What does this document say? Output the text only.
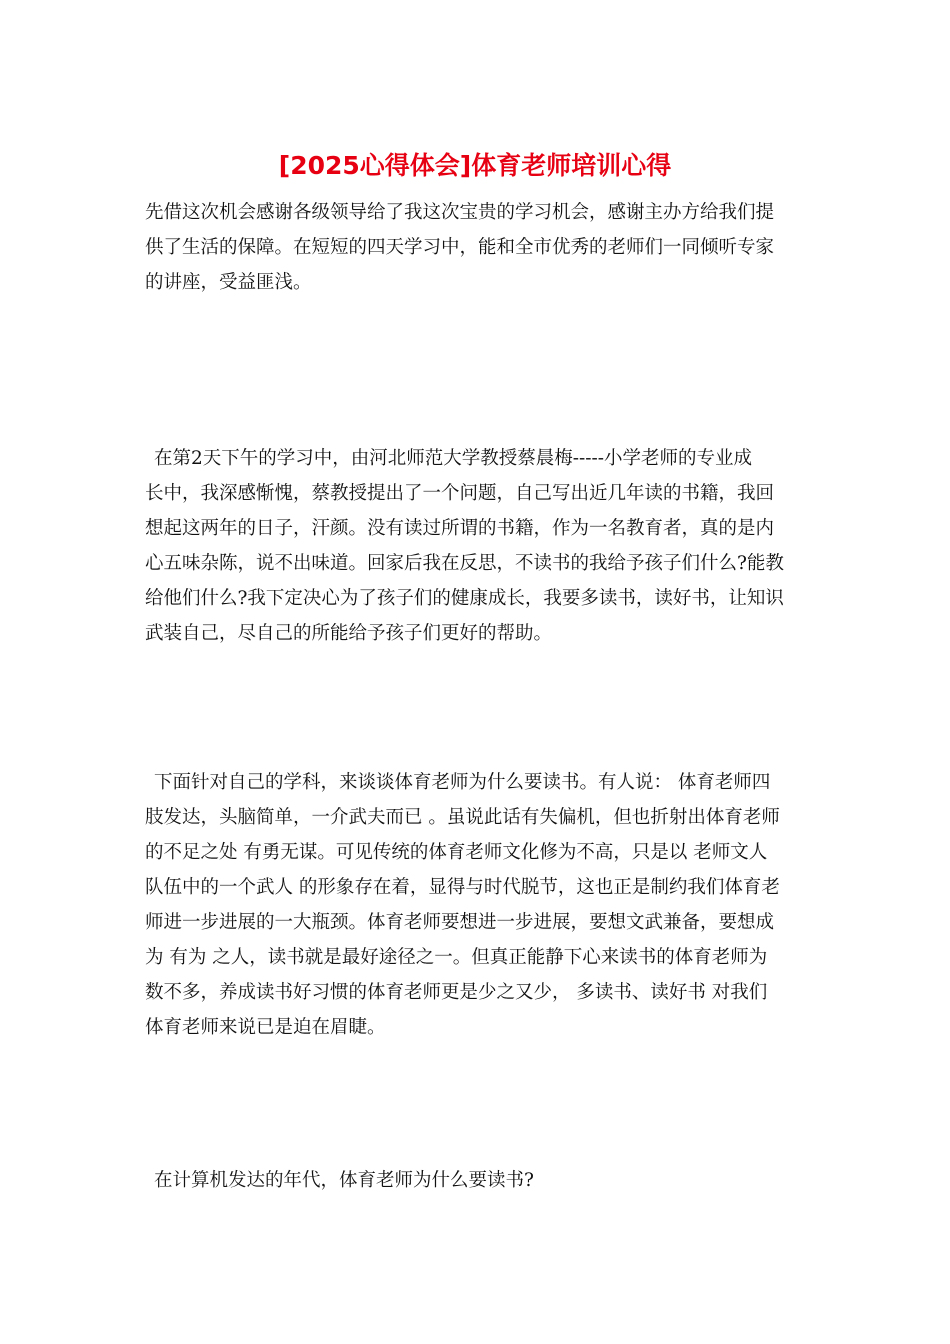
[2025心得体会]体育老师培训心得

先借这次机会感谢各级领导给了我这次宝贵的学习机会，感谢主办方给我们提
供了生活的保障。在短短的四天学习中，能和全市优秀的老师们一同倾听专家
的讲座，受益匪浅。

在第2天下午的学习中，由河北师范大学教授蔡晨梅-----小学老师的专业成
长中，我深感惭愧，蔡教授提出了一个问题，自己写出近几年读的书籍，我回
想起这两年的日子，汗颜。没有读过所谓的书籍，作为一名教育者，真的是内
心五味杂陈，说不出味道。回家后我在反思，不读书的我给予孩子们什么?能教
给他们什么?我下定决心为了孩子们的健康成长，我要多读书，读好书，让知识
武装自己，尽自己的所能给予孩子们更好的帮助。

下面针对自己的学科，来谈谈体育老师为什么要读书。有人说： 体育老师四
肢发达，头脑简单，一介武夫而已 。虽说此话有失偏机，但也折射出体育老师
的不足之处 有勇无谋。可见传统的体育老师文化修为不高，只是以 老师文人
队伍中的一个武人 的形象存在着，显得与时代脱节，这也正是制约我们体育老
师进一步进展的一大瓶颈。体育老师要想进一步进展，要想文武兼备，要想成
为 有为 之人，读书就是最好途径之一。但真正能静下心来读书的体育老师为
数不多，养成读书好习惯的体育老师更是少之又少， 多读书、读好书 对我们
体育老师来说已是迫在眉睫。

在计算机发达的年代，体育老师为什么要读书?
